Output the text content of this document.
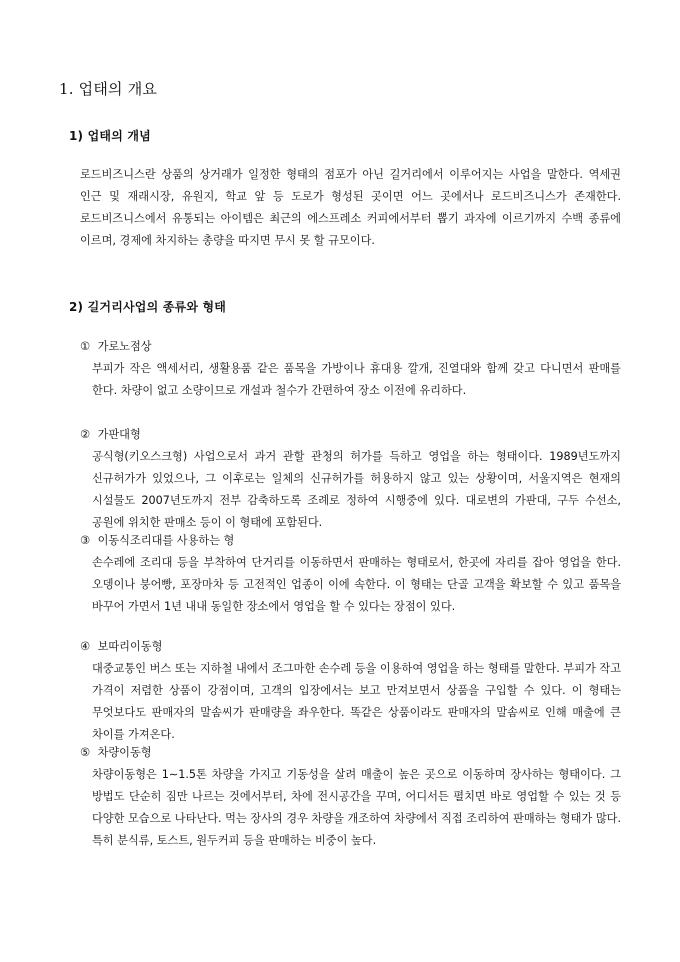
1. 업태의 개요
1) 업태의 개념
로드비즈니스란 상품의 상거래가 일정한 형태의 점포가 아닌 길거리에서 이루어지는 사업을 말한다. 역세권 인근 및 재래시장, 유원지, 학교 앞 등 도로가 형성된 곳이면 어느 곳에서나 로드비즈니스가 존재한다. 로드비즈니스에서 유통되는 아이템은 최근의 에스프레소 커피에서부터 뽑기 과자에 이르기까지 수백 종류에 이르며, 경제에 차지하는 총량을 따지면 무시 못 할 규모이다.
2) 길거리사업의 종류와 형태
① 가로노점상
부피가 작은 액세서리, 생활용품 같은 품목을 가방이나 휴대용 깔개, 진열대와 함께 갖고 다니면서 판매를 한다. 차량이 없고 소량이므로 개설과 철수가 간편하여 장소 이전에 유리하다.
② 가판대형
공식형(키오스크형) 사업으로서 과거 관할 관청의 허가를 득하고 영업을 하는 형태이다. 1989년도까지 신규허가가 있었으나, 그 이후로는 일체의 신규허가를 허용하지 않고 있는 상황이며, 서울지역은 현재의 시설물도 2007년도까지 전부 감축하도록 조례로 정하여 시행중에 있다. 대로변의 가판대, 구두 수선소, 공원에 위치한 판매소 등이 이 형태에 포함된다.
③ 이동식조리대를 사용하는 형
손수레에 조리대 등을 부착하여 단거리를 이동하면서 판매하는 형태로서, 한곳에 자리를 잡아 영업을 한다. 오뎅이나 붕어빵, 포장마차 등 고전적인 업종이 이에 속한다. 이 형태는 단골 고객을 확보할 수 있고 품목을 바꾸어 가면서 1년 내내 동일한 장소에서 영업을 할 수 있다는 장점이 있다.
④ 보따리이동형
대중교통인 버스 또는 지하철 내에서 조그마한 손수레 등을 이용하여 영업을 하는 형태를 말한다. 부피가 작고 가격이 저렴한 상품이 강점이며, 고객의 입장에서는 보고 만져보면서 상품을 구입할 수 있다. 이 형태는 무엇보다도 판매자의 말솜씨가 판매량을 좌우한다. 똑같은 상품이라도 판매자의 말솜씨로 인해 매출에 큰 차이를 가져온다.
⑤ 차량이동형
차량이동형은 1∼1.5톤 차량을 가지고 기동성을 살려 매출이 높은 곳으로 이동하며 장사하는 형태이다. 그 방법도 단순히 짐만 나르는 것에서부터, 차에 전시공간을 꾸며, 어디서든 펼치면 바로 영업할 수 있는 것 등 다양한 모습으로 나타난다. 먹는 장사의 경우 차량을 개조하여 차량에서 직접 조리하여 판매하는 형태가 많다. 특히 분식류, 토스트, 원두커피 등을 판매하는 비중이 높다.
